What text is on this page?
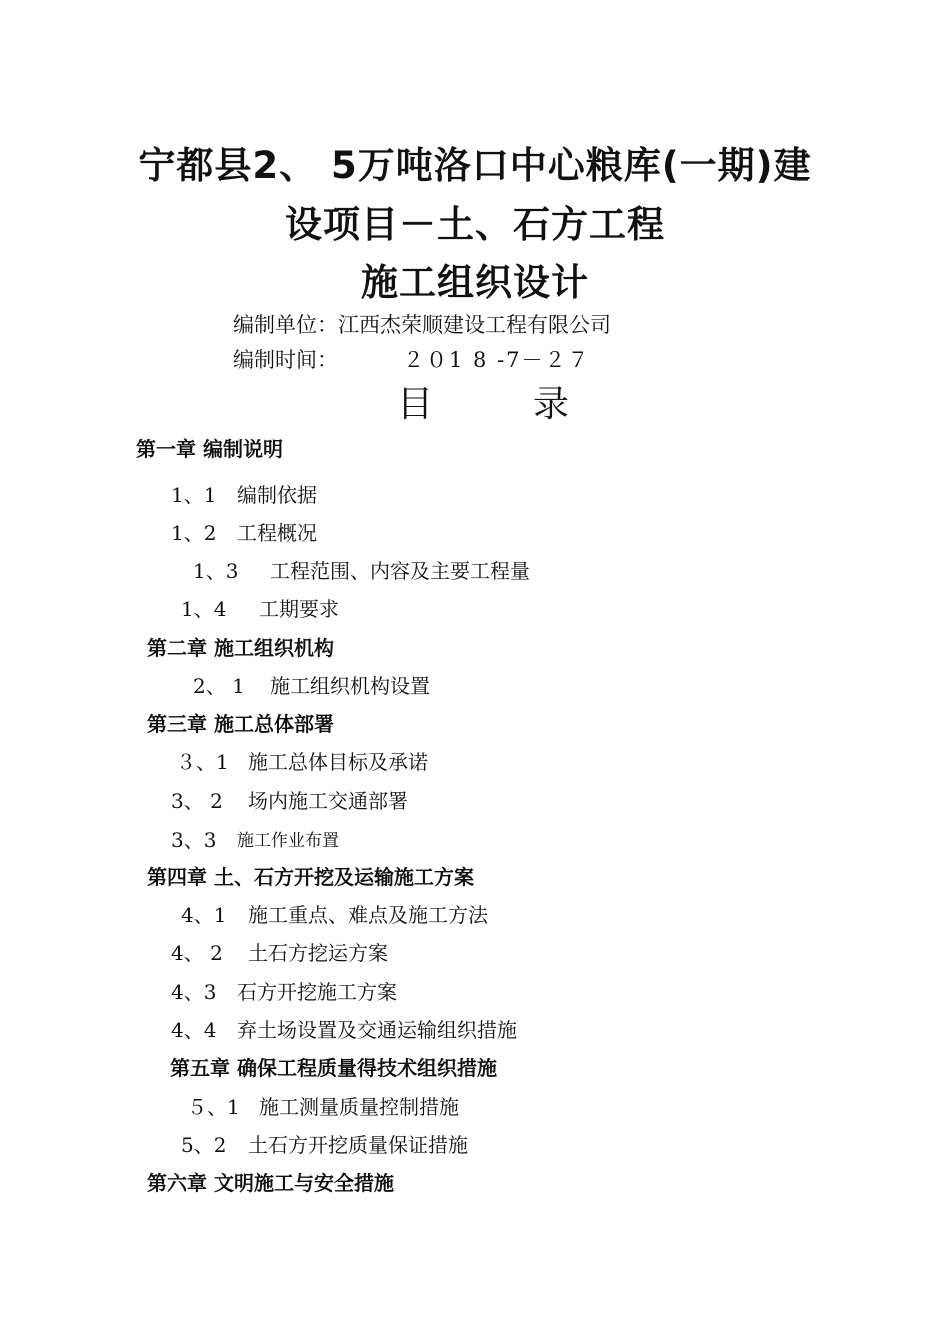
宁都县2、 5万吨洛口中心粮库(一期)建
设项目－土、石方工程
施工组织设计
编制单位：江西杰荣顺建设工程有限公司
编制时间：	２０1 8 -7－２７
目	录
第一章 编制说明
1、1 编制依据
1、2 工程概况
1、3 工程范围、内容及主要工程量
1、4 工期要求
第二章 施工组织机构
2、 1 施工组织机构设置
第三章 施工总体部署
３、1 施工总体目标及承诺
3、 2 场内施工交通部署
3、3 施工作业布置
第四章 土、石方开挖及运输施工方案
4、1 施工重点、难点及施工方法
4、 2 土石方挖运方案
4、3 石方开挖施工方案
4、4 弃土场设置及交通运输组织措施
第五章 确保工程质量得技术组织措施
５、1 施工测量质量控制措施
5、2 土石方开挖质量保证措施
第六章 文明施工与安全措施
